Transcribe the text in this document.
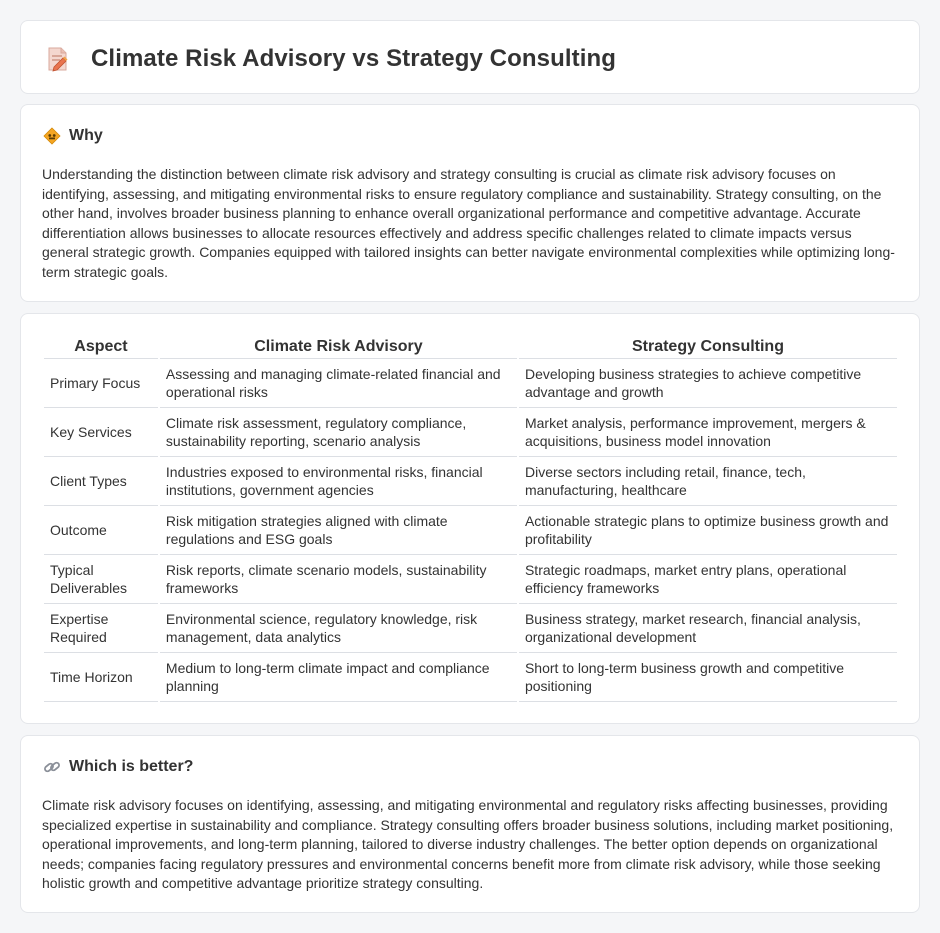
Climate Risk Advisory vs Strategy Consulting
Why

Understanding the distinction between climate risk advisory and strategy consulting is crucial as climate risk advisory focuses on identifying, assessing, and mitigating environmental risks to ensure regulatory compliance and sustainability. Strategy consulting, on the other hand, involves broader business planning to enhance overall organizational performance and competitive advantage. Accurate differentiation allows businesses to allocate resources effectively and address specific challenges related to climate impacts versus general strategic growth. Companies equipped with tailored insights can better navigate environmental complexities while optimizing long-term strategic goals.

Aspect	Climate Risk Advisory	Strategy Consulting
Primary Focus	Assessing and managing climate-related financial and operational risks	Developing business strategies to achieve competitive advantage and growth
Key Services	Climate risk assessment, regulatory compliance, sustainability reporting, scenario analysis	Market analysis, performance improvement, mergers & acquisitions, business model innovation
Client Types	Industries exposed to environmental risks, financial institutions, government agencies	Diverse sectors including retail, finance, tech, manufacturing, healthcare
Outcome	Risk mitigation strategies aligned with climate regulations and ESG goals	Actionable strategic plans to optimize business growth and profitability
Typical Deliverables	Risk reports, climate scenario models, sustainability frameworks	Strategic roadmaps, market entry plans, operational efficiency frameworks
Expertise Required	Environmental science, regulatory knowledge, risk management, data analytics	Business strategy, market research, financial analysis, organizational development
Time Horizon	Medium to long-term climate impact and compliance planning	Short to long-term business growth and competitive positioning
Which is better?

Climate risk advisory focuses on identifying, assessing, and mitigating environmental and regulatory risks affecting businesses, providing specialized expertise in sustainability and compliance. Strategy consulting offers broader business solutions, including market positioning, operational improvements, and long-term planning, tailored to diverse industry challenges. The better option depends on organizational needs; companies facing regulatory pressures and environmental concerns benefit more from climate risk advisory, while those seeking holistic growth and competitive advantage prioritize strategy consulting.
